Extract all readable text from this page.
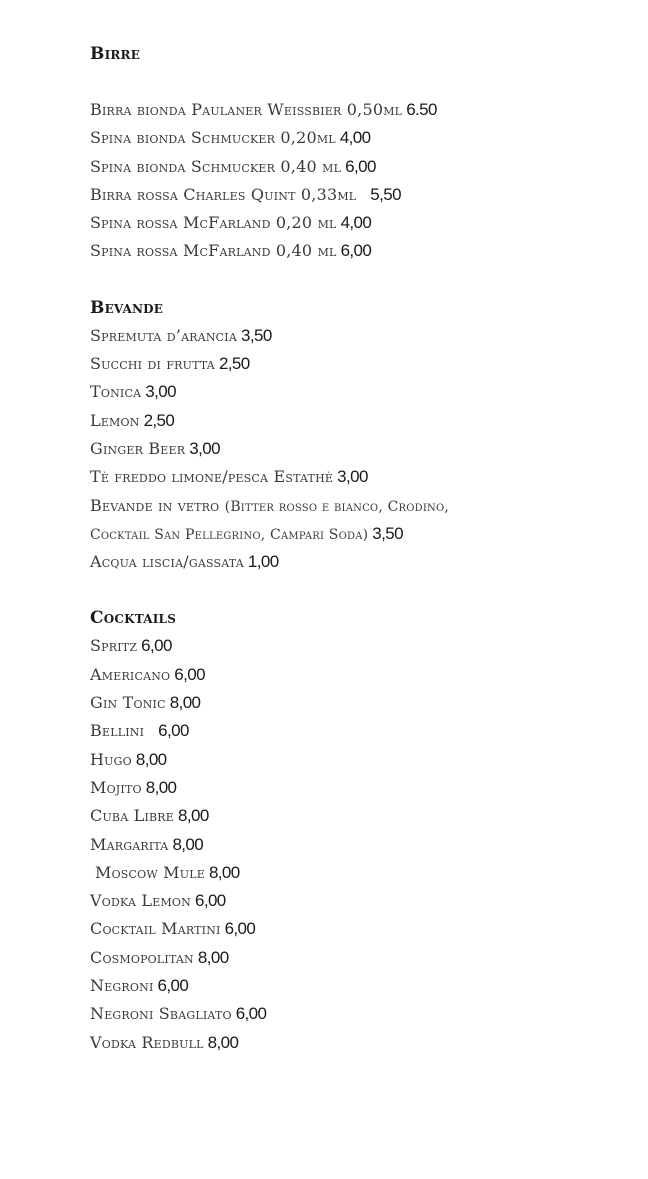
Birre
Birra bionda Paulaner Weissbier 0,50ml 6.50
Spina bionda Schmucker 0,20ml 4,00
Spina bionda Schmucker 0,40 ml 6,00
Birra rossa Charles Quint 0,33ml 5,50
Spina rossa McFarland 0,20 ml 4,00
Spina rossa McFarland 0,40 ml 6,00
Bevande
Spremuta d’arancia 3,50
Succhi di frutta 2,50
Tonica 3,00
Lemon 2,50
Ginger Beer 3,00
Tè freddo limone/pesca Estathè 3,00
Bevande in vetro (Bitter rosso e bianco, Crodino,
Cocktail San Pellegrino, Campari Soda) 3,50
Acqua liscia/gassata 1,00
Cocktails
Spritz 6,00
Americano 6,00
Gin Tonic 8,00
Bellini 6,00
Hugo 8,00
Mojito 8,00
Cuba Libre 8,00
Margarita 8,00
Moscow Mule 8,00
Vodka Lemon 6,00
Cocktail Martini 6,00
Cosmopolitan 8,00
Negroni 6,00
Negroni Sbagliato 6,00
Vodka Redbull 8,00
